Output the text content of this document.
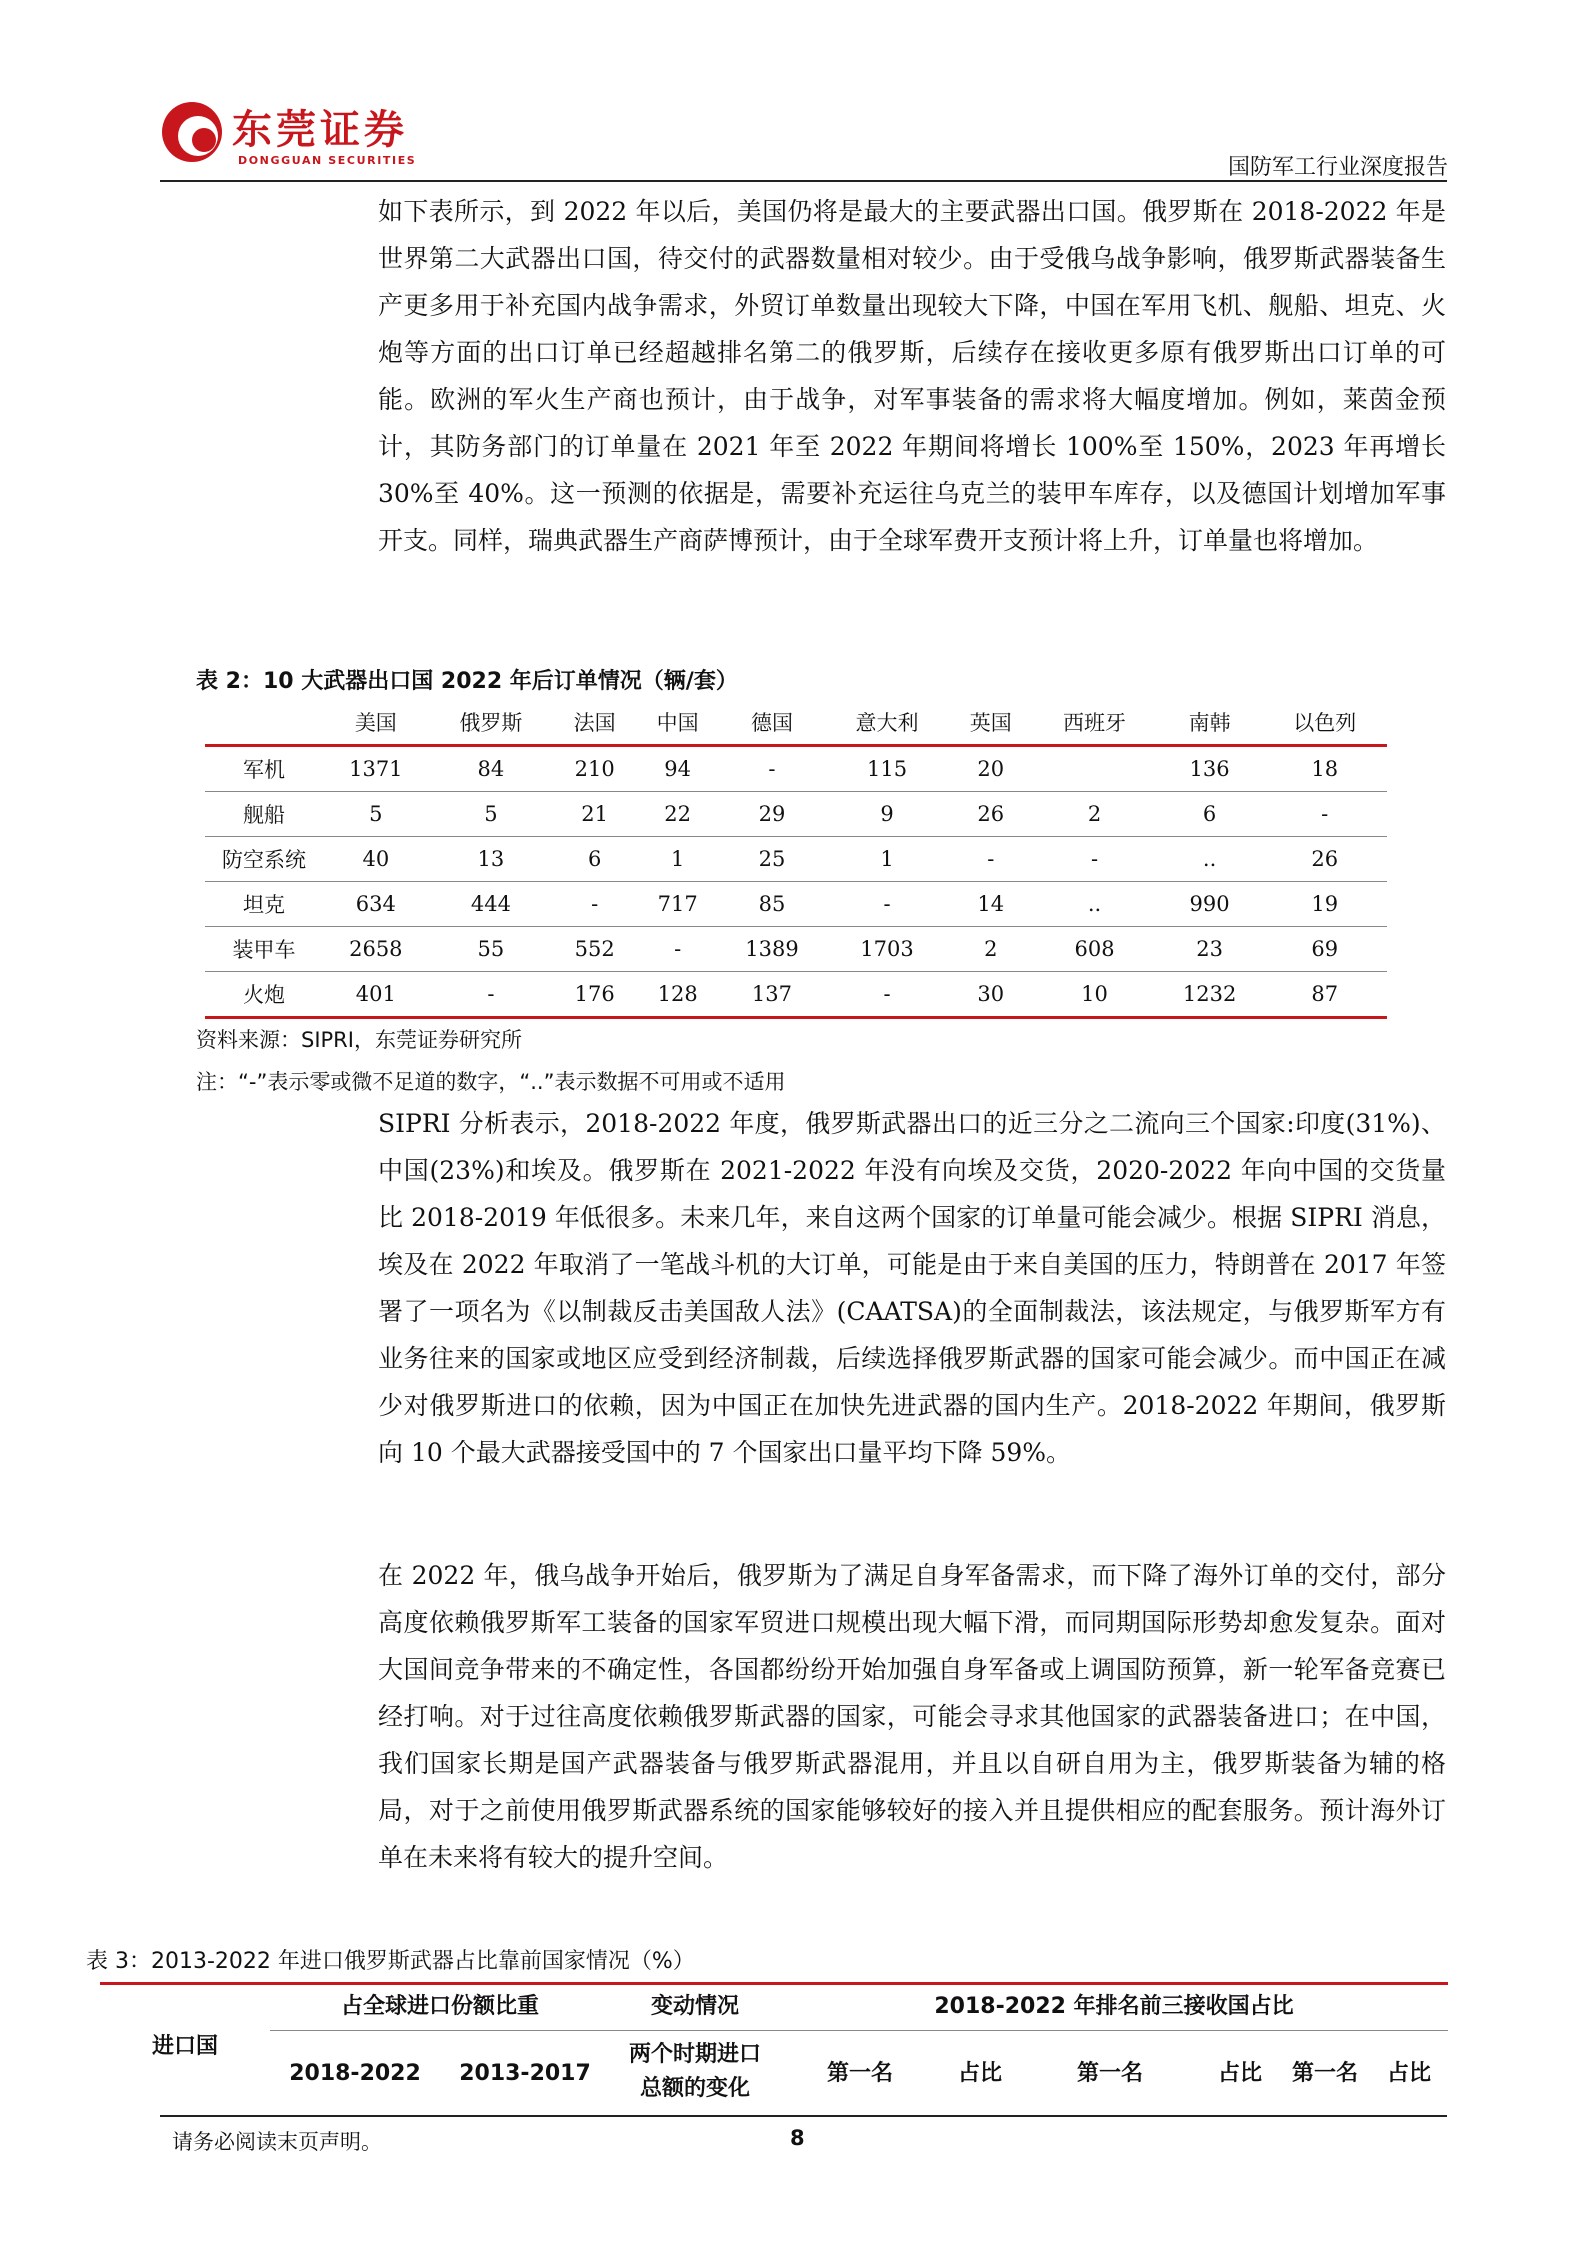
东莞证券
DONGGUAN SECURITIES	国防军工行业深度报告

如下表所示，到 2022 年以后，美国仍将是最大的主要武器出口国。俄罗斯在 2018-2022 年是世界第二大武器出口国，待交付的武器数量相对较少。由于受俄乌战争影响，俄罗斯武器装备生产更多用于补充国内战争需求，外贸订单数量出现较大下降，中国在军用飞机、舰船、坦克、火炮等方面的出口订单已经超越排名第二的俄罗斯，后续存在接收更多原有俄罗斯出口订单的可能。欧洲的军火生产商也预计，由于战争，对军事装备的需求将大幅度增加。例如，莱茵金预计，其防务部门的订单量在 2021 年至 2022 年期间将增长 100%至 150%，2023 年再增长 30%至 40%。这一预测的依据是，需要补充运往乌克兰的装甲车库存，以及德国计划增加军事开支。同样，瑞典武器生产商萨博预计，由于全球军费开支预计将上升，订单量也将增加。

表 2：10 大武器出口国 2022 年后订单情况（辆/套）
	美国	俄罗斯	法国	中国	德国	意大利	英国	西班牙	南韩	以色列
军机	1371	84	210	94	-	115	20		136	18
舰船	5	5	21	22	29	9	26	2	6	-
防空系统	40	13	6	1	25	1	-	-	..	26
坦克	634	444	-	717	85	-	14	..	990	19
装甲车	2658	55	552	-	1389	1703	2	608	23	69
火炮	401	-	176	128	137	-	30	10	1232	87
资料来源：SIPRI，东莞证券研究所
注：“-”表示零或微不足道的数字，“..”表示数据不可用或不适用

SIPRI 分析表示，2018-2022 年度，俄罗斯武器出口的近三分之二流向三个国家:印度(31%)、中国(23%)和埃及。俄罗斯在 2021-2022 年没有向埃及交货，2020-2022 年向中国的交货量比 2018-2019 年低很多。未来几年，来自这两个国家的订单量可能会减少。根据 SIPRI 消息，埃及在 2022 年取消了一笔战斗机的大订单，可能是由于来自美国的压力，特朗普在 2017 年签署了一项名为《以制裁反击美国敌人法》(CAATSA)的全面制裁法，该法规定，与俄罗斯军方有业务往来的国家或地区应受到经济制裁，后续选择俄罗斯武器的国家可能会减少。而中国正在减少对俄罗斯进口的依赖，因为中国正在加快先进武器的国内生产。2018-2022 年期间，俄罗斯向 10 个最大武器接受国中的 7 个国家出口量平均下降 59%。

在 2022 年，俄乌战争开始后，俄罗斯为了满足自身军备需求，而下降了海外订单的交付，部分高度依赖俄罗斯军工装备的国家军贸进口规模出现大幅下滑，而同期国际形势却愈发复杂。面对大国间竞争带来的不确定性，各国都纷纷开始加强自身军备或上调国防预算，新一轮军备竞赛已经打响。对于过往高度依赖俄罗斯武器的国家，可能会寻求其他国家的武器装备进口；在中国，我们国家长期是国产武器装备与俄罗斯武器混用，并且以自研自用为主，俄罗斯装备为辅的格局，对于之前使用俄罗斯武器系统的国家能够较好的接入并且提供相应的配套服务。预计海外订单在未来将有较大的提升空间。

表 3：2013-2022 年进口俄罗斯武器占比靠前国家情况（%）
进口国
占全球进口份额比重	变动情况	2018-2022 年排名前三接收国占比
2018-2022	2013-2017
两个时期进口
总额的变化
第一名	占比	第一名	占比	第一名	占比
请务必阅读末页声明。	8
